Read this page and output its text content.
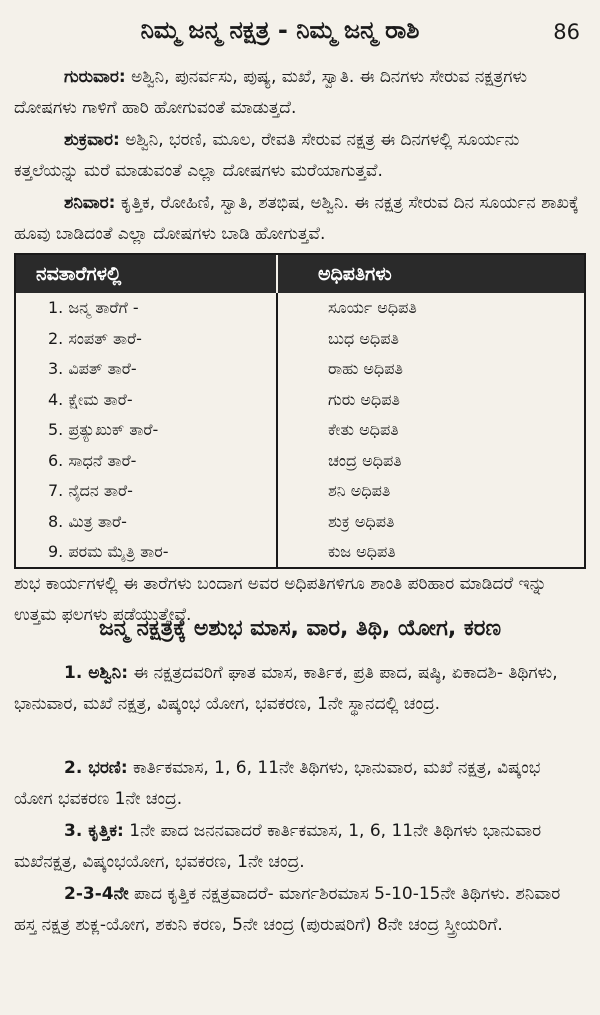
ನಿಮ್ಮ ಜನ್ಮ ನಕ್ಷತ್ರ - ನಿಮ್ಮ ಜನ್ಮ ರಾಶಿ	86
ಗುರುವಾರ: ಅಶ್ವಿನಿ, ಪುನರ್ವಸು, ಪುಷ್ಯ, ಮಖೆ, ಸ್ವಾತಿ. ಈ ದಿನಗಳು ಸೇರುವ ನಕ್ಷತ್ರಗಳು ದೋಷಗಳು ಗಾಳಿಗೆ ಹಾರಿ ಹೋಗುವಂತೆ ಮಾಡುತ್ತದೆ.
ಶುಕ್ರವಾರ: ಅಶ್ವಿನಿ, ಭರಣಿ, ಮೂಲ, ರೇವತಿ ಸೇರುವ ನಕ್ಷತ್ರ ಈ ದಿನಗಳಲ್ಲಿ ಸೂರ್ಯನು ಕತ್ತಲೆಯನ್ನು ಮರೆ ಮಾಡುವಂತೆ ಎಲ್ಲಾ ದೋಷಗಳು ಮರೆಯಾಗುತ್ತವೆ.
ಶನಿವಾರ: ಕೃತ್ತಿಕ, ರೋಹಿಣಿ, ಸ್ವಾತಿ, ಶತಭಿಷ, ಅಶ್ವಿನಿ. ಈ ನಕ್ಷತ್ರ ಸೇರುವ ದಿನ ಸೂರ್ಯನ ಶಾಖಕ್ಕೆ ಹೂವು ಬಾಡಿದಂತೆ ಎಲ್ಲಾ ದೋಷಗಳು ಬಾಡಿ ಹೋಗುತ್ತವೆ.
ನವತಾರೆಗಳಲ್ಲಿ	ಅಧಿಪತಿಗಳು
1. ಜನ್ಮ ತಾರೆಗೆ -
2. ಸಂಪತ್ ತಾರೆ-
3. ವಿಪತ್ ತಾರೆ-
4. ಕ್ಷೇಮ ತಾರೆ-
5. ಪ್ರತ್ಯುಖುಕ್ ತಾರೆ-
6. ಸಾಧನೆ ತಾರೆ-
7. ನೈದನ ತಾರೆ-
8. ಮಿತ್ರ ತಾರೆ-
9. ಪರಮ ಮೈತ್ರಿ ತಾರ-
ಸೂರ್ಯ ಅಧಿಪತಿ
ಬುಧ ಅಧಿಪತಿ
ರಾಹು ಅಧಿಪತಿ
ಗುರು ಅಧಿಪತಿ
ಕೇತು ಅಧಿಪತಿ
ಚಂದ್ರ ಅಧಿಪತಿ
ಶನಿ ಅಧಿಪತಿ
ಶುಕ್ರ ಅಧಿಪತಿ
ಕುಜ ಅಧಿಪತಿ
ಶುಭ ಕಾರ್ಯಗಳಲ್ಲಿ ಈ ತಾರೆಗಳು ಬಂದಾಗ ಅವರ ಅಧಿಪತಿಗಳಿಗೂ ಶಾಂತಿ ಪರಿಹಾರ ಮಾಡಿದರೆ ಇನ್ನು ಉತ್ತಮ ಫಲಗಳು ಪಡೆಯುತ್ತೇವೆ.
ಜನ್ಮ ನಕ್ಷತ್ರಕ್ಕೆ ಅಶುಭ ಮಾಸ, ವಾರ, ತಿಥಿ, ಯೋಗ, ಕರಣ
1. ಅಶ್ವಿನಿ: ಈ ನಕ್ಷತ್ರದವರಿಗೆ ಘಾತ ಮಾಸ, ಕಾರ್ತಿಕ, ಪ್ರತಿ ಪಾದ, ಷಷ್ಠಿ, ಏಕಾದಶಿ- ತಿಥಿಗಳು, ಭಾನುವಾರ, ಮಖೆ ನಕ್ಷತ್ರ, ವಿಷ್ಕಂಭ ಯೋಗ, ಭವಕರಣ, 1ನೇ ಸ್ಥಾನದಲ್ಲಿ ಚಂದ್ರ.
2. ಭರಣಿ: ಕಾರ್ತಿಕಮಾಸ, 1, 6, 11ನೇ ತಿಥಿಗಳು, ಭಾನುವಾರ, ಮಖೆ ನಕ್ಷತ್ರ, ವಿಷ್ಕಂಭ ಯೋಗ ಭವಕರಣ 1ನೇ ಚಂದ್ರ.
3. ಕೃತ್ತಿಕ: 1ನೇ ಪಾದ ಜನನವಾದರೆ ಕಾರ್ತಿಕಮಾಸ, 1, 6, 11ನೇ ತಿಥಿಗಳು ಭಾನುವಾರ ಮಖೆನಕ್ಷತ್ರ, ವಿಷ್ಕಂಭಯೋಗ, ಭವಕರಣ, 1ನೇ ಚಂದ್ರ.
2-3-4ನೇ ಪಾದ ಕೃತ್ತಿಕ ನಕ್ಷತ್ರವಾದರೆ- ಮಾರ್ಗಶಿರಮಾಸ 5-10-15ನೇ ತಿಥಿಗಳು. ಶನಿವಾರ ಹಸ್ತ ನಕ್ಷತ್ರ ಶುಕ್ಲ-ಯೋಗ, ಶಕುನಿ ಕರಣ, 5ನೇ ಚಂದ್ರ (ಪುರುಷರಿಗೆ) 8ನೇ ಚಂದ್ರ ಸ್ತ್ರೀಯರಿಗೆ.
